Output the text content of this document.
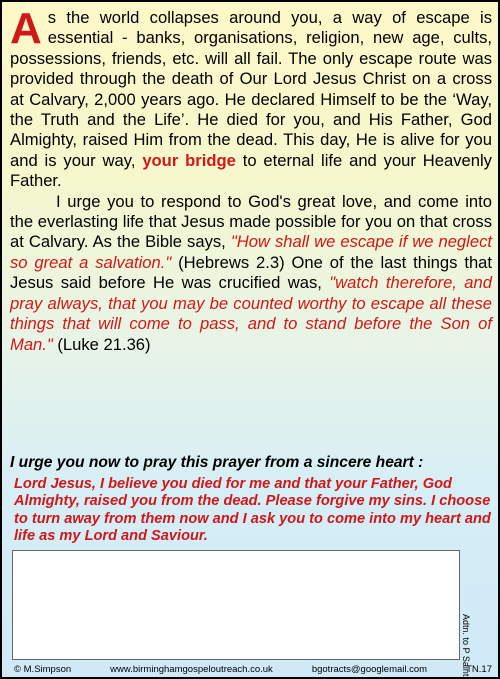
As the world collapses around you, a way of escape is essential - banks, organisations, religion, new age, cults, possessions, friends, etc. will all fail. The only escape route was provided through the death of Our Lord Jesus Christ on a cross at Calvary, 2,000 years ago. He declared Himself to be the ‘Way, the Truth and the Life’. He died for you, and His Father, God Almighty, raised Him from the dead. This day, He is alive for you and is your way, your bridge to eternal life and your Heavenly Father.

I urge you to respond to God's great love, and come into the everlasting life that Jesus made possible for you on that cross at Calvary. As the Bible says, "How shall we escape if we neglect so great a salvation." (Hebrews 2.3) One of the last things that Jesus said before He was crucified was, "watch therefore, and pray always, that you may be counted worthy to escape all these things that will come to pass, and to stand before the Son of Man." (Luke 21.36)

I urge you now to pray this prayer from a sincere heart :
Lord Jesus, I believe you died for me and that your Father, God Almighty, raised you from the dead. Please forgive my sins. I choose to turn away from them now and I ask you to come into my heart and life as my Lord and Saviour.
Adtn. to P Saint
© M.Simpson	www.birminghamgospeloutreach.co.uk	bgotracts@googlemail.com	TN.17
